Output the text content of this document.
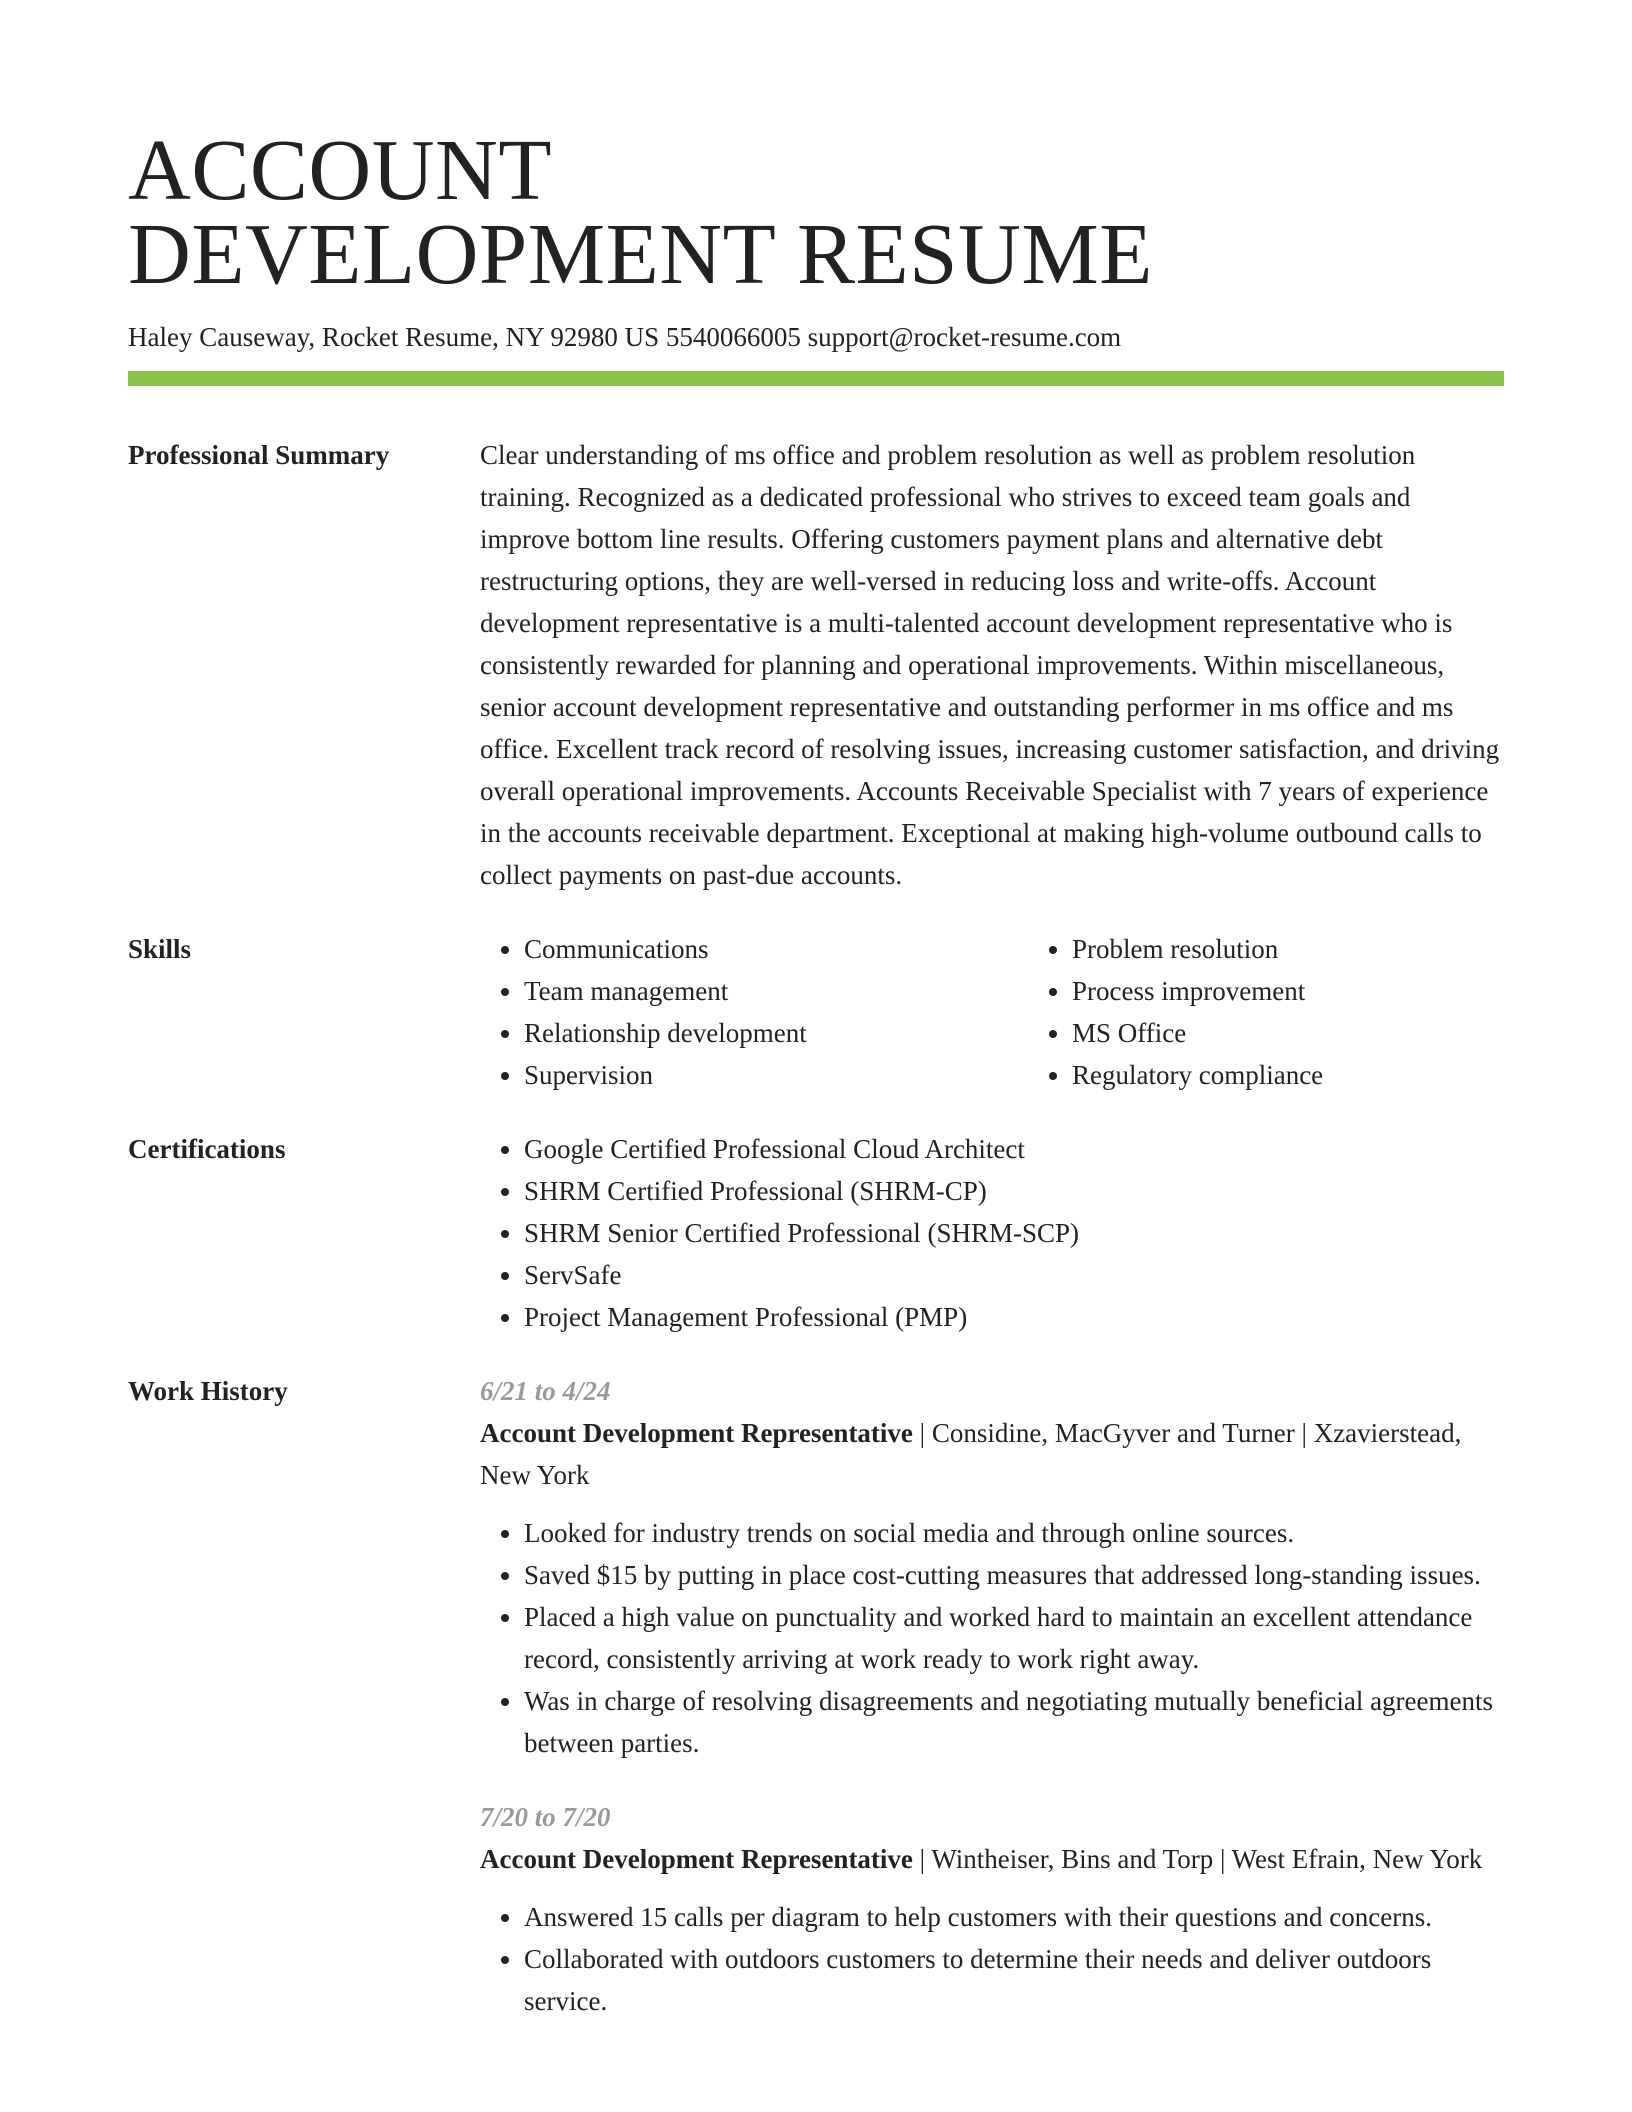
ACCOUNT
DEVELOPMENT RESUME
Haley Causeway, Rocket Resume, NY 92980 US 5540066005 support@rocket-resume.com
Professional Summary	Clear understanding of ms office and problem resolution as well as problem resolution training. Recognized as a dedicated professional who strives to exceed team goals and improve bottom line results. Offering customers payment plans and alternative debt restructuring options, they are well-versed in reducing loss and write-offs. Account development representative is a multi-talented account development representative who is consistently rewarded for planning and operational improvements. Within miscellaneous, senior account development representative and outstanding performer in ms office and ms office. Excellent track record of resolving issues, increasing customer satisfaction, and driving overall operational improvements. Accounts Receivable Specialist with 7 years of experience in the accounts receivable department. Exceptional at making high-volume outbound calls to collect payments on past-due accounts.

Skills	• Communications
• Team management
• Relationship development
• Supervision
• Problem resolution
• Process improvement
• MS Office
• Regulatory compliance
Certifications	• Google Certified Professional Cloud Architect
• SHRM Certified Professional (SHRM-CP)
• SHRM Senior Certified Professional (SHRM-SCP)
• ServSafe
• Project Management Professional (PMP)
Work History	6/21 to 4/24
Account Development Representative | Considine, MacGyver and Turner | Xzavierstead, New York
• Looked for industry trends on social media and through online sources.
• Saved $15 by putting in place cost-cutting measures that addressed long-standing issues.
• Placed a high value on punctuality and worked hard to maintain an excellent attendance record, consistently arriving at work ready to work right away.
• Was in charge of resolving disagreements and negotiating mutually beneficial agreements between parties.
7/20 to 7/20
Account Development Representative | Wintheiser, Bins and Torp | West Efrain, New York
• Answered 15 calls per diagram to help customers with their questions and concerns.
• Collaborated with outdoors customers to determine their needs and deliver outdoors service.
